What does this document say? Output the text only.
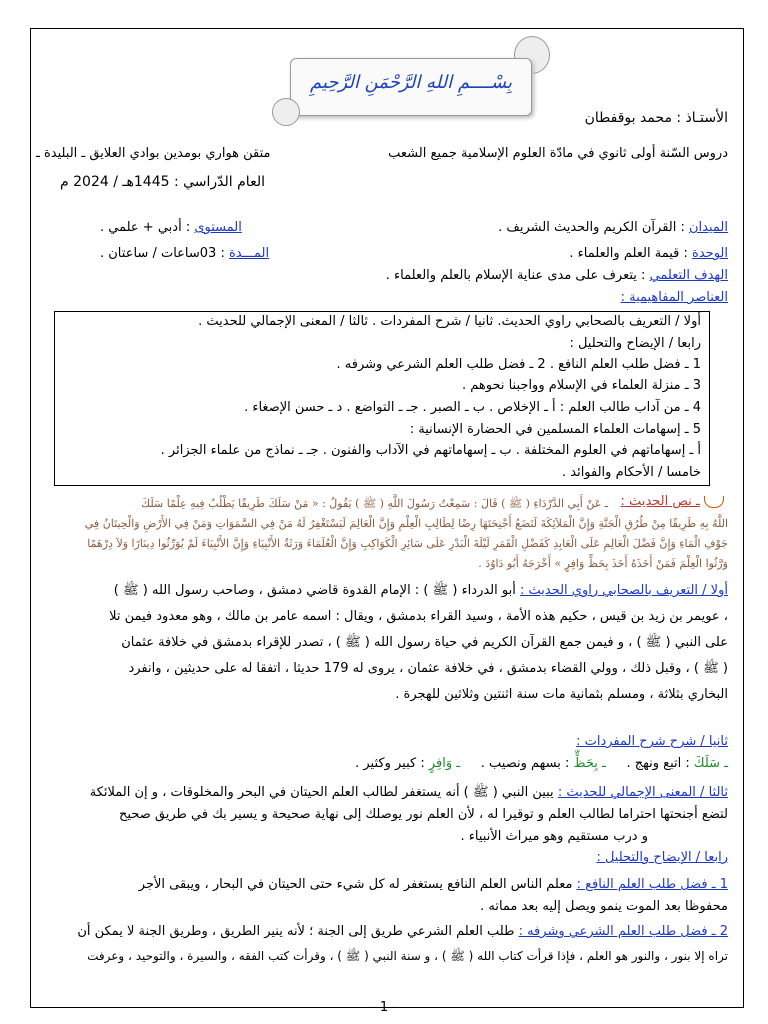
بِسْــــمِ اللهِ الرَّحْمَنِ الرَّحِيمِ
الأستـاذ : محمد بوقفطان
دروس السّنة أولى ثانوي في مادّة العلوم الإسلامية جميع الشعب
متقن هواري بومدين بوادي العلايق ـ البليدة ـ
العام الدّراسي : 1445هـ / 2024 م
الميدان : القرآن الكريم والحديث الشريف .
المستوى : أدبي + علمي .
الوحدة : قيمة العلم والعلماء .
المـــدة : 03ساعات / ساعتان .
الهدف التعلمي : يتعرف على مدى عناية الإسلام بالعلم والعلماء .
العناصر المفاهيمية :
أولا / التعريف بالصحابي راوي الحديث. ثانيا / شرح المفردات . ثالثا / المعنى الإجمالي للحديث .
رابعا / الإيضاح والتحليل :
1 ـ فضل طلب العلم النافع . 2 ـ فضل طلب العلم الشرعي وشرفه .
3 ـ منزلة العلماء في الإسلام وواجبنا نحوهم .
4 ـ من آداب طالب العلم : أ ـ الإخلاص . ب ـ الصبر . جـ ـ التواضع . د ـ حسن الإصغاء .
5 ـ إسهامات العلماء المسلمين في الحضارة الإنسانية :
أ ـ إسهاماتهم في العلوم المختلفة . ب ـ إسهاماتهم في الآداب والفنون . جـ ـ نماذج من علماء الجزائر .
خامسا / الأحكام والفوائد .
ـ نص الحديث :
ـ عَنْ أَبِي الدَّرْدَاءِ ( ﷺ ) قَالَ : سَمِعْتُ رَسُولَ اللَّهِ ( ﷺ ) يَقُولُ : « مَنْ سَلَكَ طَرِيقًا يَطْلُبُ فِيهِ عِلْمًا سَلَكَ
اللَّهُ بِهِ طَرِيقًا مِنْ طُرُقِ الْجَنَّةِ وَإِنَّ الْمَلاَئِكَةَ لَتَضَعُ أَجْنِحَتَهَا رِضًا لِطَالِبِ الْعِلْمِ وَإِنَّ الْعَالِمَ لَيَسْتَغْفِرُ لَهُ مَنْ فِي السَّمَوَاتِ وَمَنْ فِي الأَرْضِ وَالْحِيتَانُ فِي
جَوْفِ الْمَاءِ وَإِنَّ فَضْلَ الْعَالِمِ عَلَى الْعَابِدِ كَفَضْلِ الْقَمَرِ لَيْلَةَ الْبَدْرِ عَلَى سَائِرِ الْكَوَاكِبِ وَإِنَّ الْعُلَمَاءَ وَرَثَةُ الأَنْبِيَاءِ وَإِنَّ الأَنْبِيَاءَ لَمْ يُوَرِّثُوا دِينَارًا وَلاَ دِرْهَمًا
وَرَّثُوا الْعِلْمَ فَمَنْ أَخَذَهُ أَخَذَ بِحَظٍّ وَافِرٍ » أَخْرَجَهُ أَبُو دَاوُدَ .
أولا / التعريف بالصحابي راوي الحديث : أبو الدرداء ( ﷺ ) : الإمام القدوة قاضي دمشق ، وصاحب رسول الله ( ﷺ )
، عويمر بن زيد بن قيس ، حكيم هذه الأمة ، وسيد القراء بدمشق ، ويقال : اسمه عامر بن مالك ، وهو معدود فيمن تلا
على النبي ( ﷺ ) ، و فيمن جمع القرآن الكريم في حياة رسول الله ( ﷺ ) ، تصدر للإقراء بدمشق في خلافة عثمان
( ﷺ ) ، وقبل ذلك ، وولي القضاء بدمشق ، في خلافة عثمان ، يروى له 179 حديثا ، اتفقا له على حديثين ، وانفرد
البخاري بثلاثة ، ومسلم بثمانية مات سنة اثنتين وثلاثين للهجرة .
ثانيا / شرح شرح المفردات :
ـ سَلَكَ : اتبع ونهج .     ـ بِحَظٍّ : بسهم ونصيب .     ـ وَافِرٍ : كبير وكثير .
ثالثا / المعنى الإجمالي للحديث : يبين النبي ( ﷺ ) أنه يستغفر لطالب العلم الحيتان في البحر والمخلوقات ، و إن الملائكة
لتضع أجنحتها احتراما لطالب العلم و توقيرا له ، لأن العلم نور يوصلك إلى نهاية صحيحة و يسير بك في طريق صحيح
و درب مستقيم وهو ميراث الأنبياء .
رابعا / الإيضاح والتحليل :
1 ـ فضل طلب العلم النافع : معلم الناس العلم النافع يستغفر له كل شيء حتى الحيتان في البحار ، ويبقى الأجر
محفوظا بعد الموت ينمو ويصل إليه بعد مماته .
2 ـ فضل طلب العلم الشرعي وشرفه : طلب العلم الشرعي طريق إلى الجنة ؛ لأنه ينير الطريق ، وطريق الجنة لا يمكن أن
تراه إلا بنور ، والنور هو العلم ، فإذا قرأت كتاب الله ( ﷺ ) ، و سنة النبي ( ﷺ ) ، وقرأت كتب الفقه ، والسيرة ، والتوحيد ، وعرفت
- 1 -
